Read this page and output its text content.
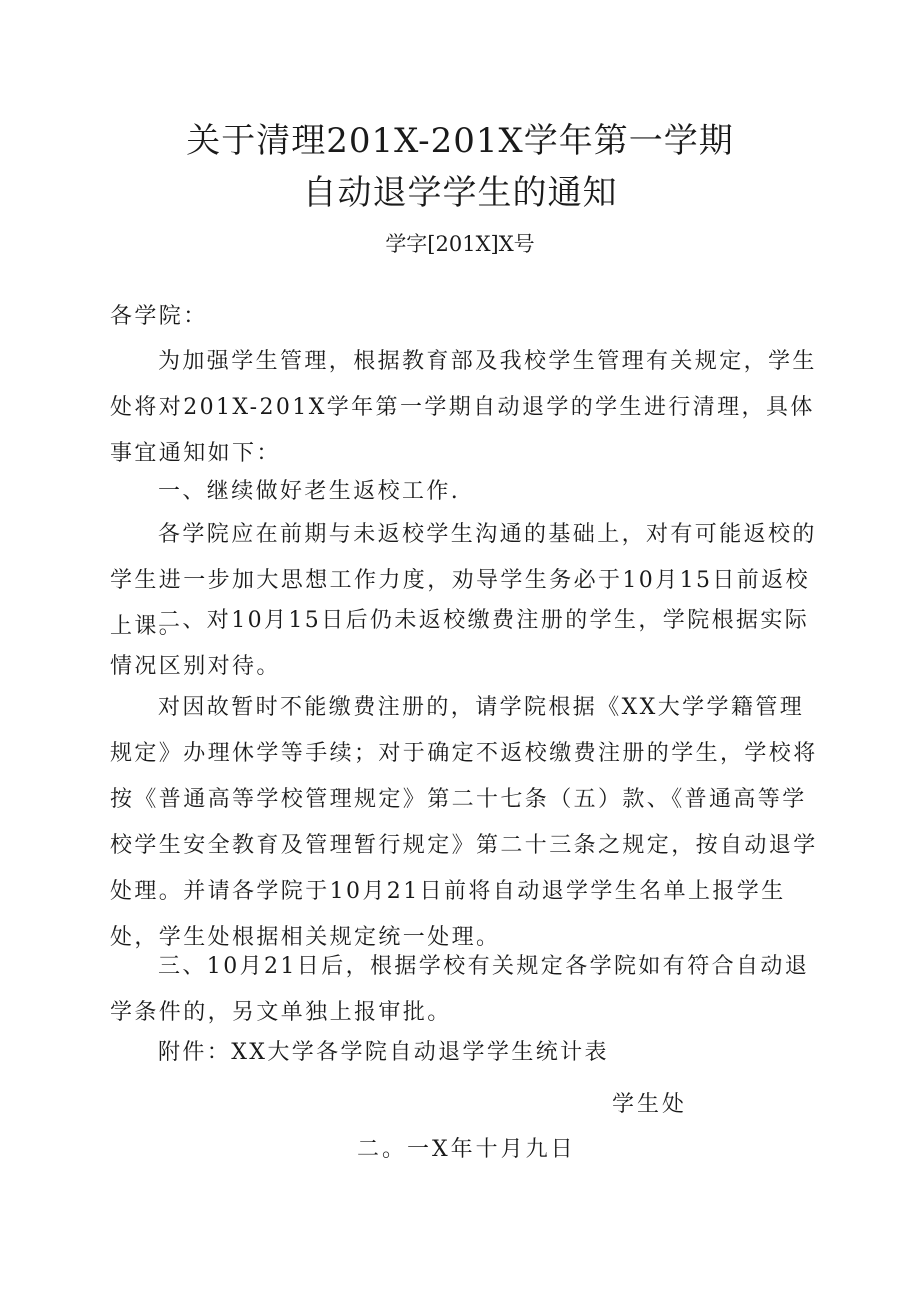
关于清理201X-201X学年第一学期
自动退学学生的通知
学字[201X]X号

各学院：

为加强学生管理，根据教育部及我校学生管理有关规定，学生处将对201X-201X学年第一学期自动退学的学生进行清理，具体事宜通知如下：

一、继续做好老生返校工作.

各学院应在前期与未返校学生沟通的基础上，对有可能返校的学生进一步加大思想工作力度，劝导学生务必于10月15日前返校上课。

二、对10月15日后仍未返校缴费注册的学生，学院根据实际情况区别对待。

对因故暂时不能缴费注册的，请学院根据《XX大学学籍管理规定》办理休学等手续；对于确定不返校缴费注册的学生，学校将按《普通高等学校管理规定》第二十七条（五）款、《普通高等学校学生安全教育及管理暂行规定》第二十三条之规定，按自动退学处理。并请各学院于10月21日前将自动退学学生名单上报学生处，学生处根据相关规定统一处理。

三、10月21日后，根据学校有关规定各学院如有符合自动退学条件的，另文单独上报审批。

附件：XX大学各学院自动退学学生统计表

学生处
二。一X年十月九日
